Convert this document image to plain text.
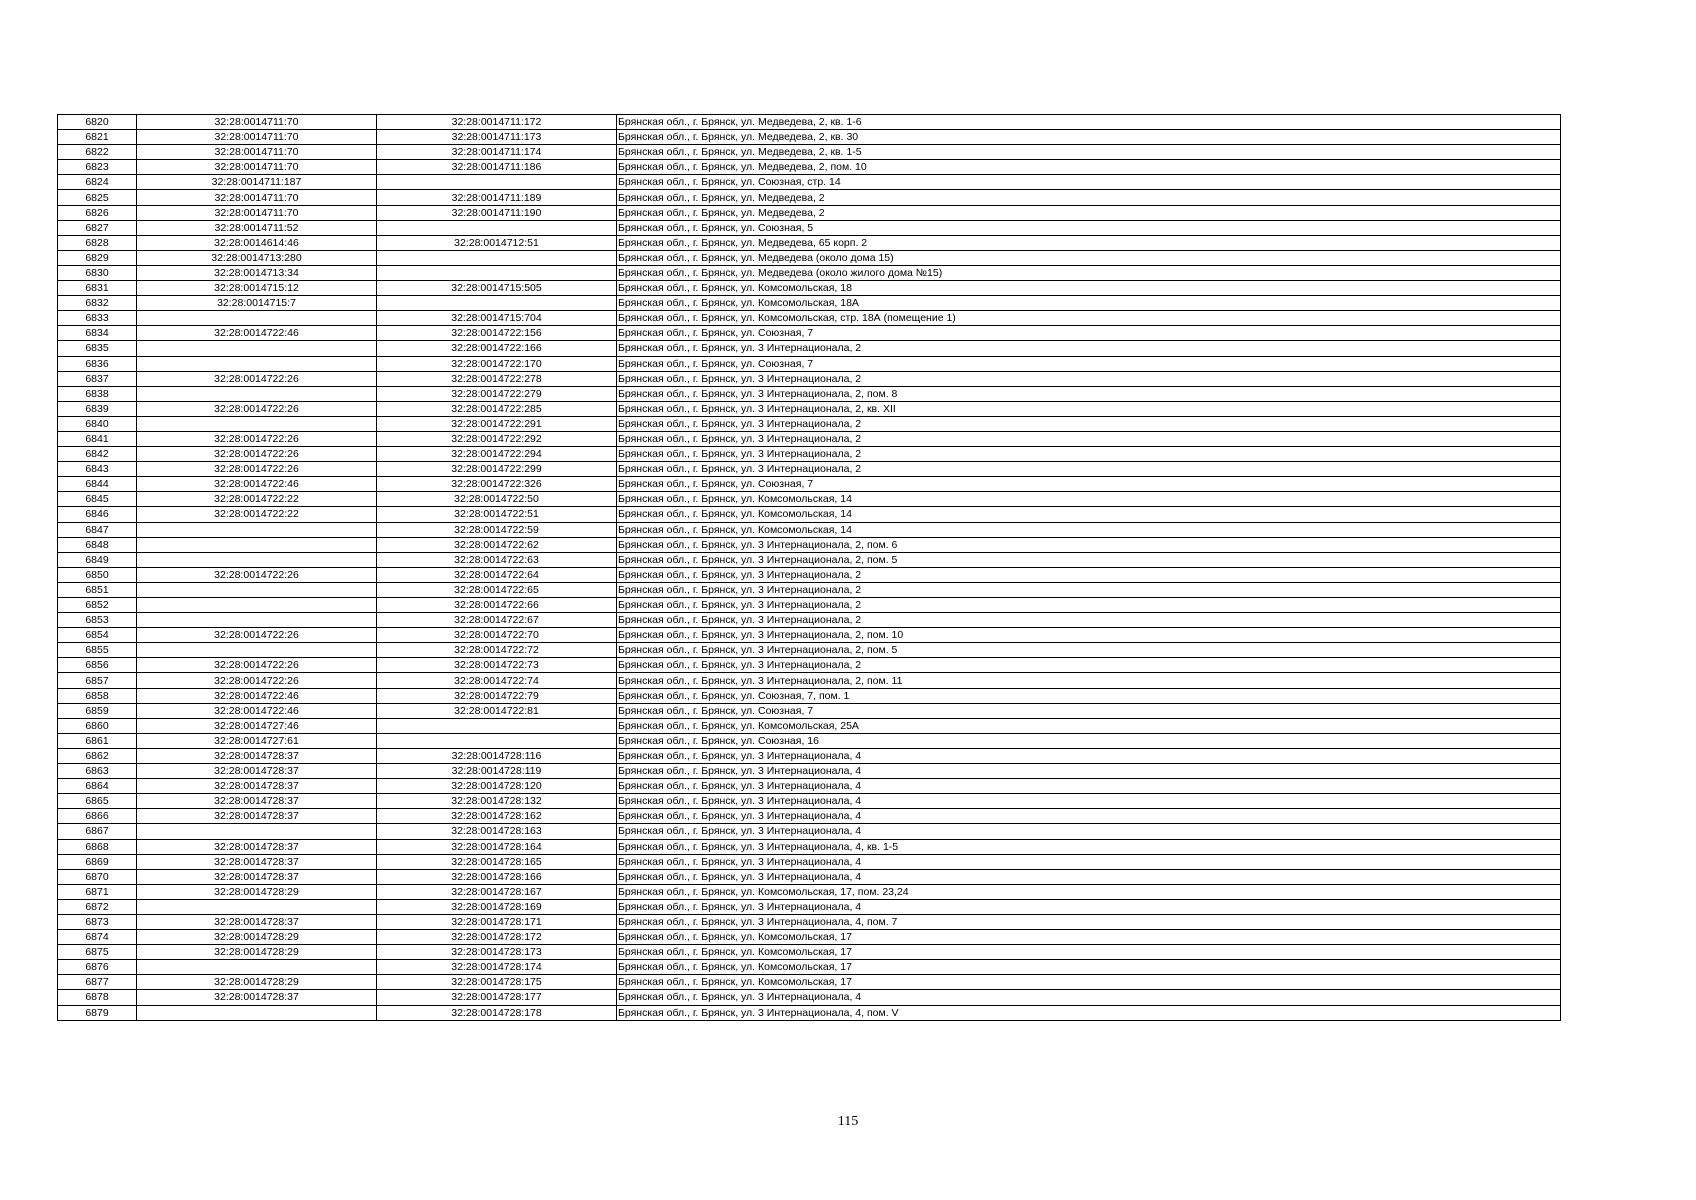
6820	32:28:0014711:70	32:28:0014711:172	Брянская обл., г. Брянск, ул. Медведева, 2, кв. 1-6
6821	32:28:0014711:70	32:28:0014711:173	Брянская обл., г. Брянск, ул. Медведева, 2, кв. 30
6822	32:28:0014711:70	32:28:0014711:174	Брянская обл., г. Брянск, ул. Медведева, 2, кв. 1-5
6823	32:28:0014711:70	32:28:0014711:186	Брянская обл., г. Брянск, ул. Медведева, 2, пом. 10
6824	32:28:0014711:187		Брянская обл., г. Брянск, ул. Союзная, стр. 14
6825	32:28:0014711:70	32:28:0014711:189	Брянская обл., г. Брянск, ул. Медведева, 2
6826	32:28:0014711:70	32:28:0014711:190	Брянская обл., г. Брянск, ул. Медведева, 2
6827	32:28:0014711:52		Брянская обл., г. Брянск, ул. Союзная, 5
6828	32:28:0014614:46	32:28:0014712:51	Брянская обл., г. Брянск, ул. Медведева, 65 корп. 2
6829	32:28:0014713:280		Брянская обл., г. Брянск, ул. Медведева (около дома 15)
6830	32:28:0014713:34		Брянская обл., г. Брянск, ул. Медведева (около жилого дома №15)
6831	32:28:0014715:12	32:28:0014715:505	Брянская обл., г. Брянск, ул. Комсомольская, 18
6832	32:28:0014715:7		Брянская обл., г. Брянск, ул. Комсомольская, 18А
6833		32:28:0014715:704	Брянская обл., г. Брянск, ул. Комсомольская, стр. 18А (помещение 1)
6834	32:28:0014722:46	32:28:0014722:156	Брянская обл., г. Брянск, ул. Союзная, 7
6835		32:28:0014722:166	Брянская обл., г. Брянск, ул. 3 Интернационала, 2
6836		32:28:0014722:170	Брянская обл., г. Брянск, ул. Союзная, 7
6837	32:28:0014722:26	32:28:0014722:278	Брянская обл., г. Брянск, ул. 3 Интернационала, 2
6838		32:28:0014722:279	Брянская обл., г. Брянск, ул. 3 Интернационала, 2, пом. 8
6839	32:28:0014722:26	32:28:0014722:285	Брянская обл., г. Брянск, ул. 3 Интернационала, 2, кв. XII
6840		32:28:0014722:291	Брянская обл., г. Брянск, ул. 3 Интернационала, 2
6841	32:28:0014722:26	32:28:0014722:292	Брянская обл., г. Брянск, ул. 3 Интернационала, 2
6842	32:28:0014722:26	32:28:0014722:294	Брянская обл., г. Брянск, ул. 3 Интернационала, 2
6843	32:28:0014722:26	32:28:0014722:299	Брянская обл., г. Брянск, ул. 3 Интернационала, 2
6844	32:28:0014722:46	32:28:0014722:326	Брянская обл., г. Брянск, ул. Союзная, 7
6845	32:28:0014722:22	32:28:0014722:50	Брянская обл., г. Брянск, ул. Комсомольская, 14
6846	32:28:0014722:22	32:28:0014722:51	Брянская обл., г. Брянск, ул. Комсомольская, 14
6847		32:28:0014722:59	Брянская обл., г. Брянск, ул. Комсомольская, 14
6848		32:28:0014722:62	Брянская обл., г. Брянск, ул. 3 Интернационала, 2, пом. 6
6849		32:28:0014722:63	Брянская обл., г. Брянск, ул. 3 Интернационала, 2, пом. 5
6850	32:28:0014722:26	32:28:0014722:64	Брянская обл., г. Брянск, ул. 3 Интернационала, 2
6851		32:28:0014722:65	Брянская обл., г. Брянск, ул. 3 Интернационала, 2
6852		32:28:0014722:66	Брянская обл., г. Брянск, ул. 3 Интернационала, 2
6853		32:28:0014722:67	Брянская обл., г. Брянск, ул. 3 Интернационала, 2
6854	32:28:0014722:26	32:28:0014722:70	Брянская обл., г. Брянск, ул. 3 Интернационала, 2, пом. 10
6855		32:28:0014722:72	Брянская обл., г. Брянск, ул. 3 Интернационала, 2, пом. 5
6856	32:28:0014722:26	32:28:0014722:73	Брянская обл., г. Брянск, ул. 3 Интернационала, 2
6857	32:28:0014722:26	32:28:0014722:74	Брянская обл., г. Брянск, ул. 3 Интернационала, 2, пом. 11
6858	32:28:0014722:46	32:28:0014722:79	Брянская обл., г. Брянск, ул. Союзная, 7, пом. 1
6859	32:28:0014722:46	32:28:0014722:81	Брянская обл., г. Брянск, ул. Союзная, 7
6860	32:28:0014727:46		Брянская обл., г. Брянск, ул. Комсомольская, 25А
6861	32:28:0014727:61		Брянская обл., г. Брянск, ул. Союзная, 16
6862	32:28:0014728:37	32:28:0014728:116	Брянская обл., г. Брянск, ул. 3 Интернационала, 4
6863	32:28:0014728:37	32:28:0014728:119	Брянская обл., г. Брянск, ул. 3 Интернационала, 4
6864	32:28:0014728:37	32:28:0014728:120	Брянская обл., г. Брянск, ул. 3 Интернационала, 4
6865	32:28:0014728:37	32:28:0014728:132	Брянская обл., г. Брянск, ул. 3 Интернационала, 4
6866	32:28:0014728:37	32:28:0014728:162	Брянская обл., г. Брянск, ул. 3 Интернационала, 4
6867		32:28:0014728:163	Брянская обл., г. Брянск, ул. 3 Интернационала, 4
6868	32:28:0014728:37	32:28:0014728:164	Брянская обл., г. Брянск, ул. 3 Интернационала, 4, кв. 1-5
6869	32:28:0014728:37	32:28:0014728:165	Брянская обл., г. Брянск, ул. 3 Интернационала, 4
6870	32:28:0014728:37	32:28:0014728:166	Брянская обл., г. Брянск, ул. 3 Интернационала, 4
6871	32:28:0014728:29	32:28:0014728:167	Брянская обл., г. Брянск, ул. Комсомольская, 17, пом. 23,24
6872		32:28:0014728:169	Брянская обл., г. Брянск, ул. 3 Интернационала, 4
6873	32:28:0014728:37	32:28:0014728:171	Брянская обл., г. Брянск, ул. 3 Интернационала, 4, пом. 7
6874	32:28:0014728:29	32:28:0014728:172	Брянская обл., г. Брянск, ул. Комсомольская, 17
6875	32:28:0014728:29	32:28:0014728:173	Брянская обл., г. Брянск, ул. Комсомольская, 17
6876		32:28:0014728:174	Брянская обл., г. Брянск, ул. Комсомольская, 17
6877	32:28:0014728:29	32:28:0014728:175	Брянская обл., г. Брянск, ул. Комсомольская, 17
6878	32:28:0014728:37	32:28:0014728:177	Брянская обл., г. Брянск, ул. 3 Интернационала, 4
6879		32:28:0014728:178	Брянская обл., г. Брянск, ул. 3 Интернационала, 4, пом. V
115
